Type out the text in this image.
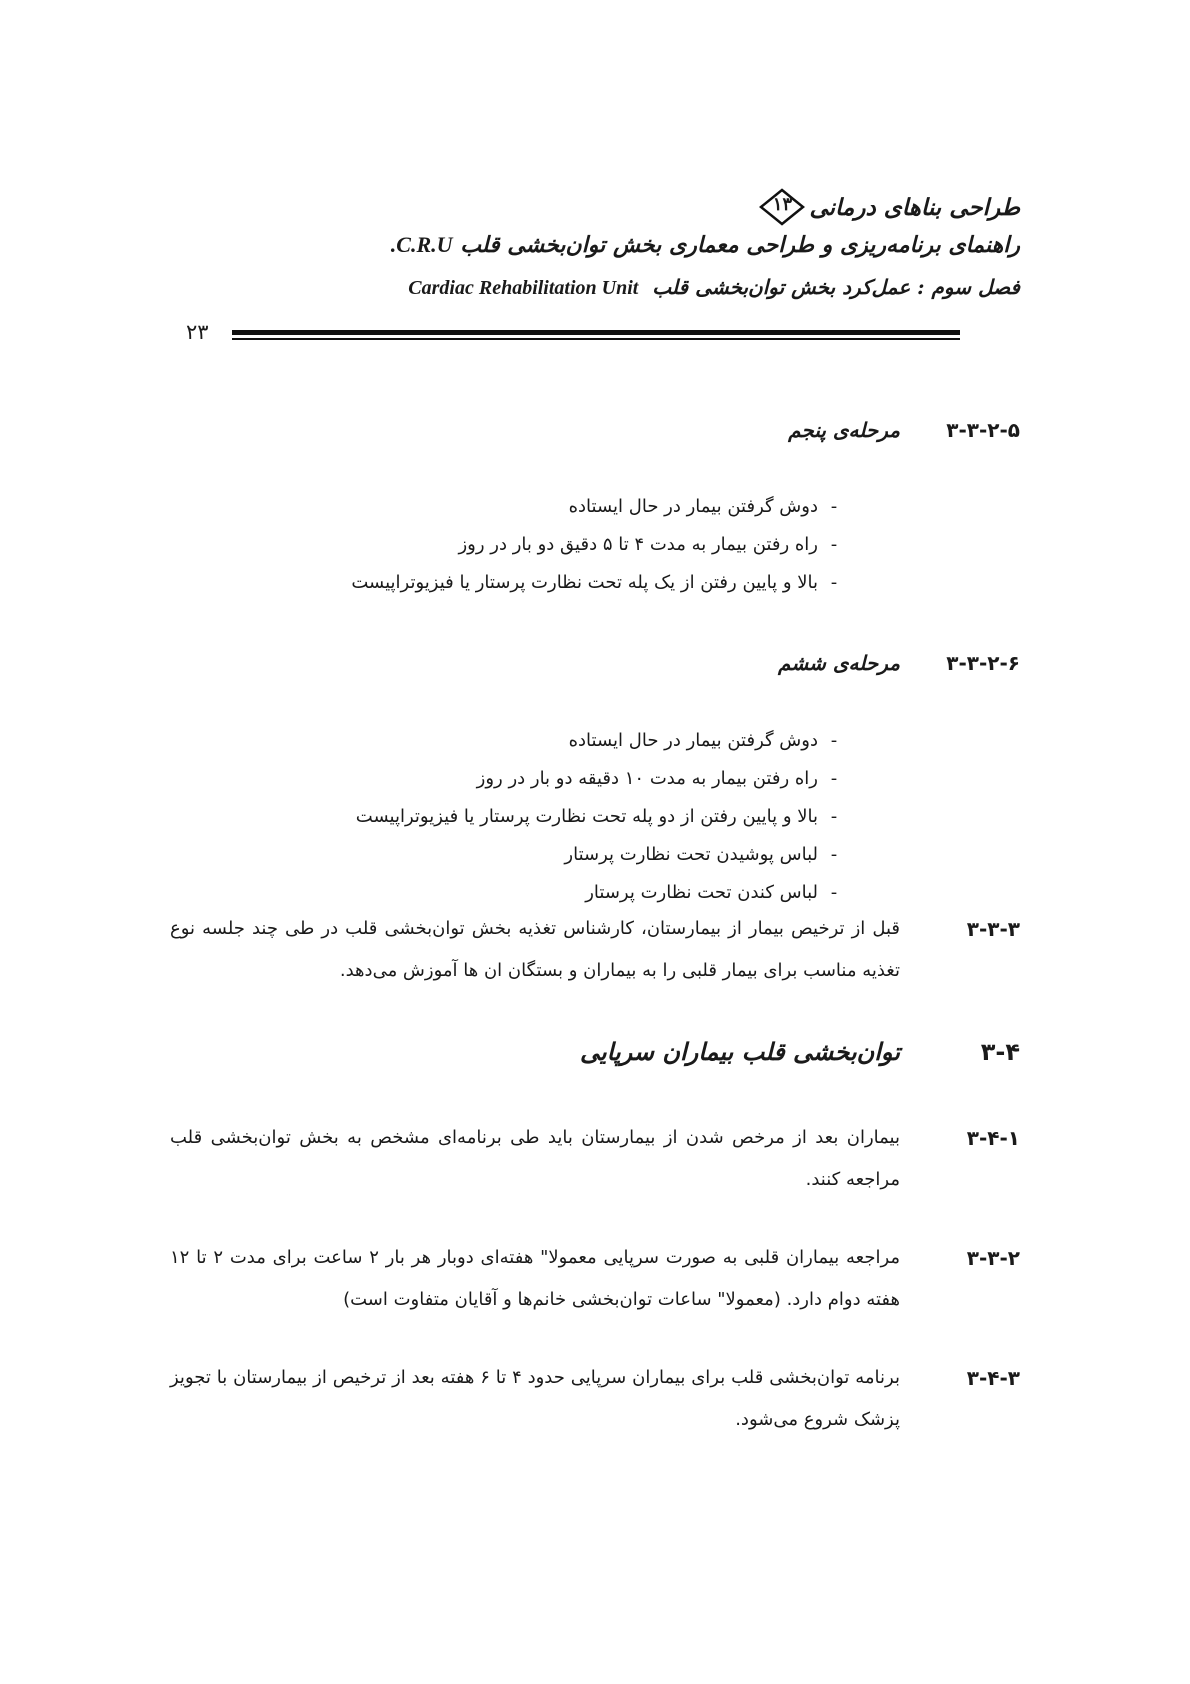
طراحی بناهای درمانی
۱۳
راهنمای برنامه‌ریزی و طراحی معماری بخش توان‌بخشی قلب C.R.U.
فصل سوم : عمل‌کرد بخش توان‌بخشی قلب  Cardiac Rehabilitation Unit
۲۳
۳-۳-۲-۵
مرحله‌ی پنجم
-دوش گرفتن بیمار در حال ایستاده
-راه رفتن بیمار به مدت ۴ تا ۵ دقیق دو بار در روز
-بالا و پایین رفتن از یک پله تحت نظارت پرستار یا فیزیوتراپیست
۳-۳-۲-۶
مرحله‌ی ششم
-دوش گرفتن بیمار در حال ایستاده
-راه رفتن بیمار به مدت ۱۰ دقیقه دو بار در روز
-بالا و پایین رفتن از دو پله تحت نظارت پرستار یا فیزیوتراپیست
-لباس پوشیدن تحت نظارت پرستار
-لباس کندن تحت نظارت پرستار
۳-۳-۳
قبل از ترخیص بیمار از بیمارستان، کارشناس تغذیه بخش توان‌بخشی قلب در طی چند جلسه نوع تغذیه مناسب برای بیمار قلبی را به بیماران و بستگان ان ها آموزش می‌دهد.
۳-۴
توان‌بخشی قلب بیماران سرپایی
۳-۴-۱
بیماران بعد از مرخص شدن از بیمارستان باید طی برنامه‌ای مشخص به بخش توان‌بخشی قلب مراجعه کنند.
۳-۳-۲
مراجعه بیماران قلبی به صورت سرپایی معمولا" هفته‌ای دوبار هر بار ۲ ساعت برای مدت ۲ تا ۱۲ هفته دوام دارد. (معمولا" ساعات توان‌بخشی خانم‌ها و آقایان متفاوت است)
۳-۴-۳
برنامه توان‌بخشی قلب برای بیماران سرپایی حدود ۴ تا ۶ هفته بعد از ترخیص از بیمارستان با تجویز پزشک شروع می‌شود.
